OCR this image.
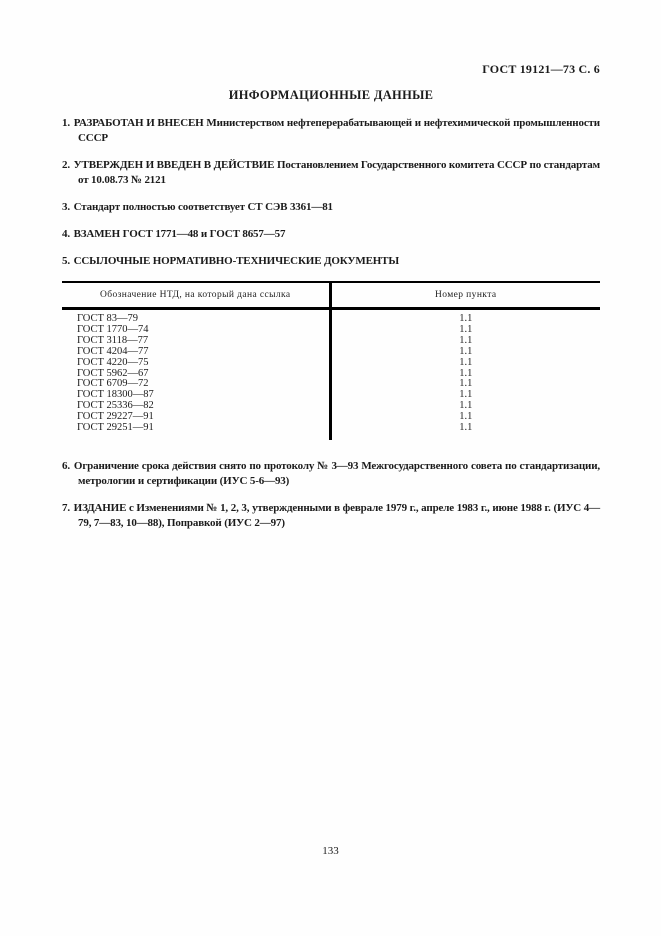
ГОСТ 19121—73 С. 6
ИНФОРМАЦИОННЫЕ ДАННЫЕ
1. РАЗРАБОТАН И ВНЕСЕН Министерством нефтеперерабатывающей и нефтехимической промышленности СССР
2. УТВЕРЖДЕН И ВВЕДЕН В ДЕЙСТВИЕ Постановлением Государственного комитета СССР по стандартам от 10.08.73 № 2121
3. Стандарт полностью соответствует СТ СЭВ 3361—81
4. ВЗАМЕН ГОСТ 1771—48 и ГОСТ 8657—57
5. ССЫЛОЧНЫЕ НОРМАТИВНО-ТЕХНИЧЕСКИЕ ДОКУМЕНТЫ
Обозначение НТД, на который дана ссылка	Номер пункта
ГОСТ 83—79	1.1
ГОСТ 1770—74	1.1
ГОСТ 3118—77	1.1
ГОСТ 4204—77	1.1
ГОСТ 4220—75	1.1
ГОСТ 5962—67	1.1
ГОСТ 6709—72	1.1
ГОСТ 18300—87	1.1
ГОСТ 25336—82	1.1
ГОСТ 29227—91	1.1
ГОСТ 29251—91	1.1

6. Ограничение срока действия снято по протоколу № 3—93 Межгосударственного совета по стандартизации, метрологии и сертификации (ИУС 5-6—93)
7. ИЗДАНИЕ с Изменениями № 1, 2, 3, утвержденными в феврале 1979 г., апреле 1983 г., июне 1988 г. (ИУС 4—79, 7—83, 10—88), Поправкой (ИУС 2—97)
133
